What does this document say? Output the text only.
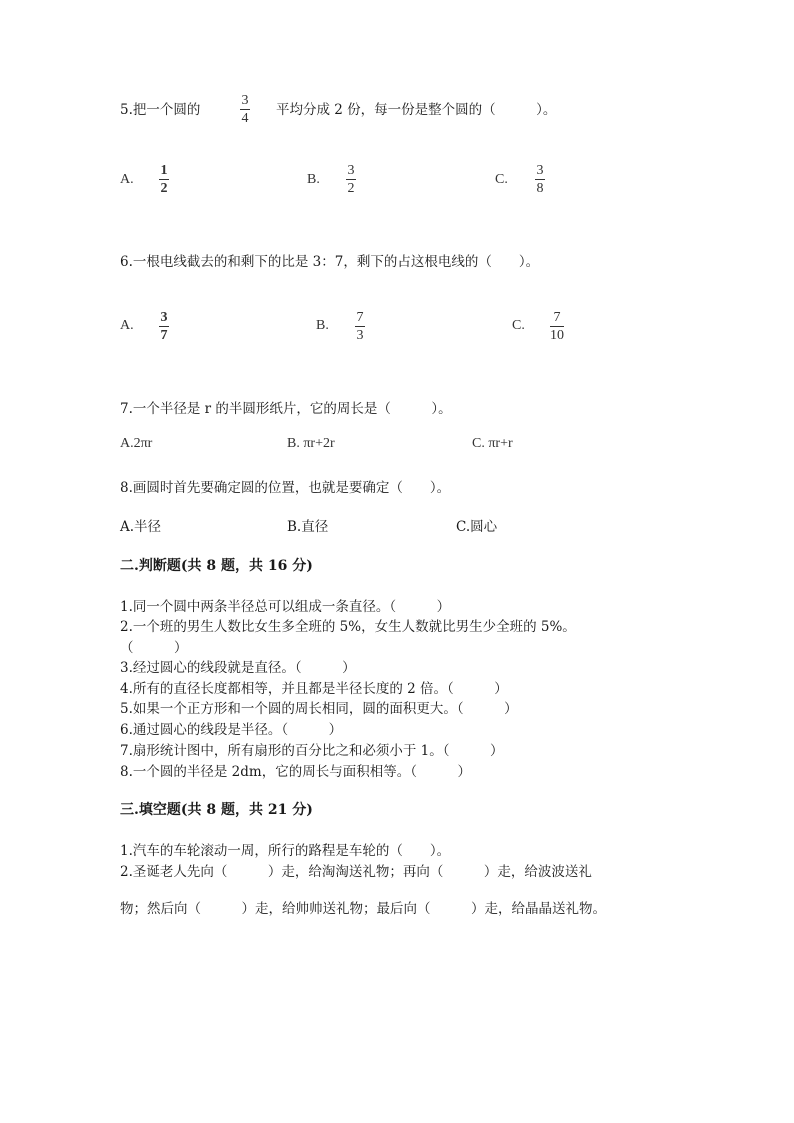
5.把一个圆的
3
4
平均分成 2 份，每一份是整个圆的（　　　）。
A.
1
2
B.
3
2
C.
3
8
6.一根电线截去的和剩下的比是 3：7，剩下的占这根电线的（　　）。
A.
3
7
B.
7
3
C.
7
10
7.一个半径是 r 的半圆形纸片，它的周长是（　　　）。
A.2πr	B. πr+2r	C. πr+r
8.画圆时首先要确定圆的位置，也就是要确定（　　）。
A.半径	B.直径	C.圆心
二.判断题(共 8 题，共 16 分)
1.同一个圆中两条半径总可以组成一条直径。（　　　）
2.一个班的男生人数比女生多全班的 5%，女生人数就比男生少全班的 5%。
（　　　）
3.经过圆心的线段就是直径。（　　　）
4.所有的直径长度都相等，并且都是半径长度的 2 倍。（　　　）
5.如果一个正方形和一个圆的周长相同，圆的面积更大。（　　　）
6.通过圆心的线段是半径。（　　　）
7.扇形统计图中，所有扇形的百分比之和必须小于 1。（　　　）
8.一个圆的半径是 2dm，它的周长与面积相等。（　　　）
三.填空题(共 8 题，共 21 分)
1.汽车的车轮滚动一周，所行的路程是车轮的（　　）。
2.圣诞老人先向（　　　）走，给淘淘送礼物；再向（　　　）走，给波波送礼
物；然后向（　　　）走，给帅帅送礼物；最后向（　　　）走，给晶晶送礼物。
